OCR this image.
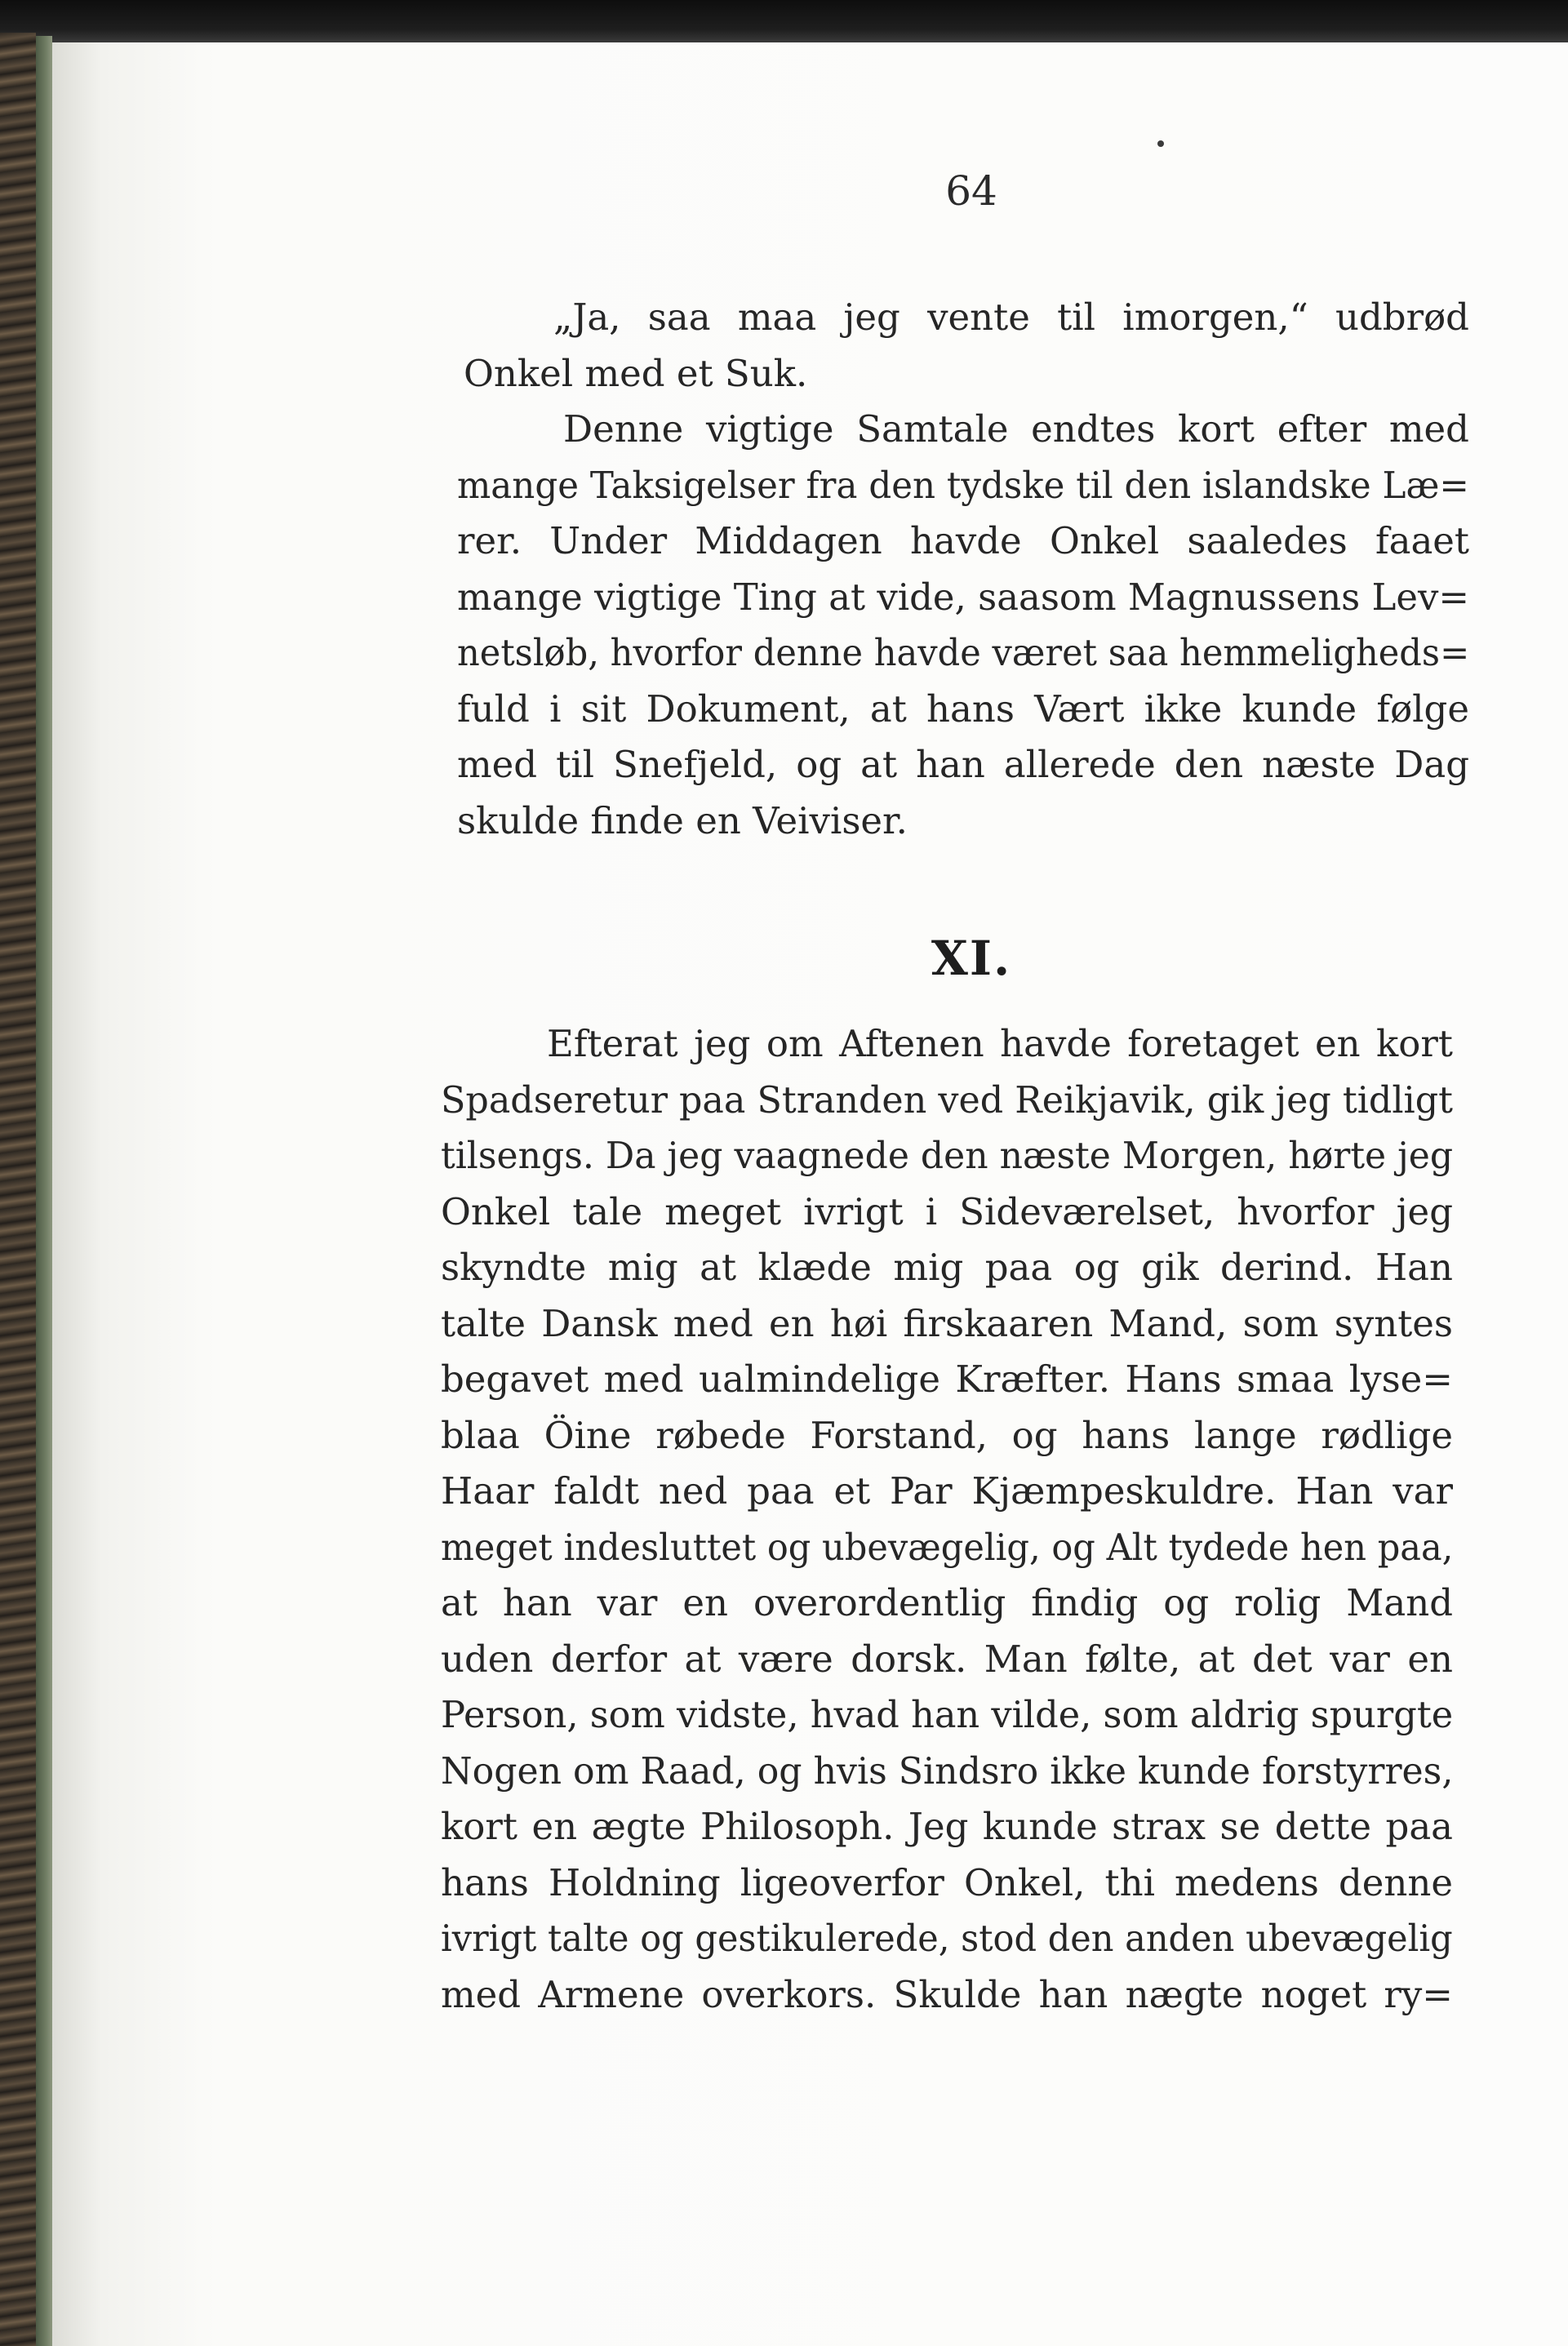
64
„Ja, saa maa jeg vente til imorgen,“ udbrød
Onkel med et Suk.
Denne vigtige Samtale endtes kort efter med
mange Taksigelser fra den tydske til den islandske Læ=
rer. Under Middagen havde Onkel saaledes faaet
mange vigtige Ting at vide, saasom Magnussens Lev=
netsløb, hvorfor denne havde været saa hemmeligheds=
fuld i sit Dokument, at hans Vært ikke kunde følge
med til Snefjeld, og at han allerede den næste Dag
skulde finde en Veiviser.
XI.
Efterat jeg om Aftenen havde foretaget en kort
Spadseretur paa Stranden ved Reikjavik, gik jeg tidligt
tilsengs. Da jeg vaagnede den næste Morgen, hørte jeg
Onkel tale meget ivrigt i Sideværelset, hvorfor jeg
skyndte mig at klæde mig paa og gik derind. Han
talte Dansk med en høi firskaaren Mand, som syntes
begavet med ualmindelige Kræfter. Hans smaa lyse=
blaa Öine røbede Forstand, og hans lange rødlige
Haar faldt ned paa et Par Kjæmpeskuldre. Han var
meget indesluttet og ubevægelig, og Alt tydede hen paa,
at han var en overordentlig findig og rolig Mand
uden derfor at være dorsk. Man følte, at det var en
Person, som vidste, hvad han vilde, som aldrig spurgte
Nogen om Raad, og hvis Sindsro ikke kunde forstyrres,
kort en ægte Philosoph. Jeg kunde strax se dette paa
hans Holdning ligeoverfor Onkel, thi medens denne
ivrigt talte og gestikulerede, stod den anden ubevægelig
med Armene overkors. Skulde han nægte noget ry=
